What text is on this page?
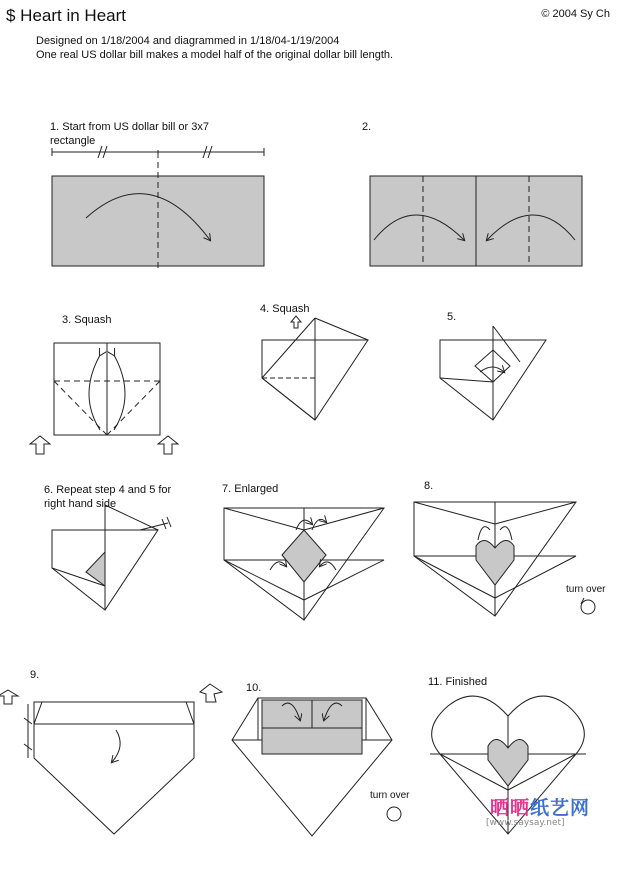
$ Heart in Heart	© 2004 Sy Ch
Designed on 1/18/2004 and diagrammed in 1/18/04-1/19/2004
One real US dollar bill makes a model half of the original dollar bill length.
1. Start from US dollar bill or 3x7
rectangle
2.
3. Squash
4. Squash
5.
6. Repeat step 4 and 5 for
right hand side
7. Enlarged	8.
9.
10.	11. Finished
turn over
turn over
晒晒纸艺网
[www.saysay.net]
